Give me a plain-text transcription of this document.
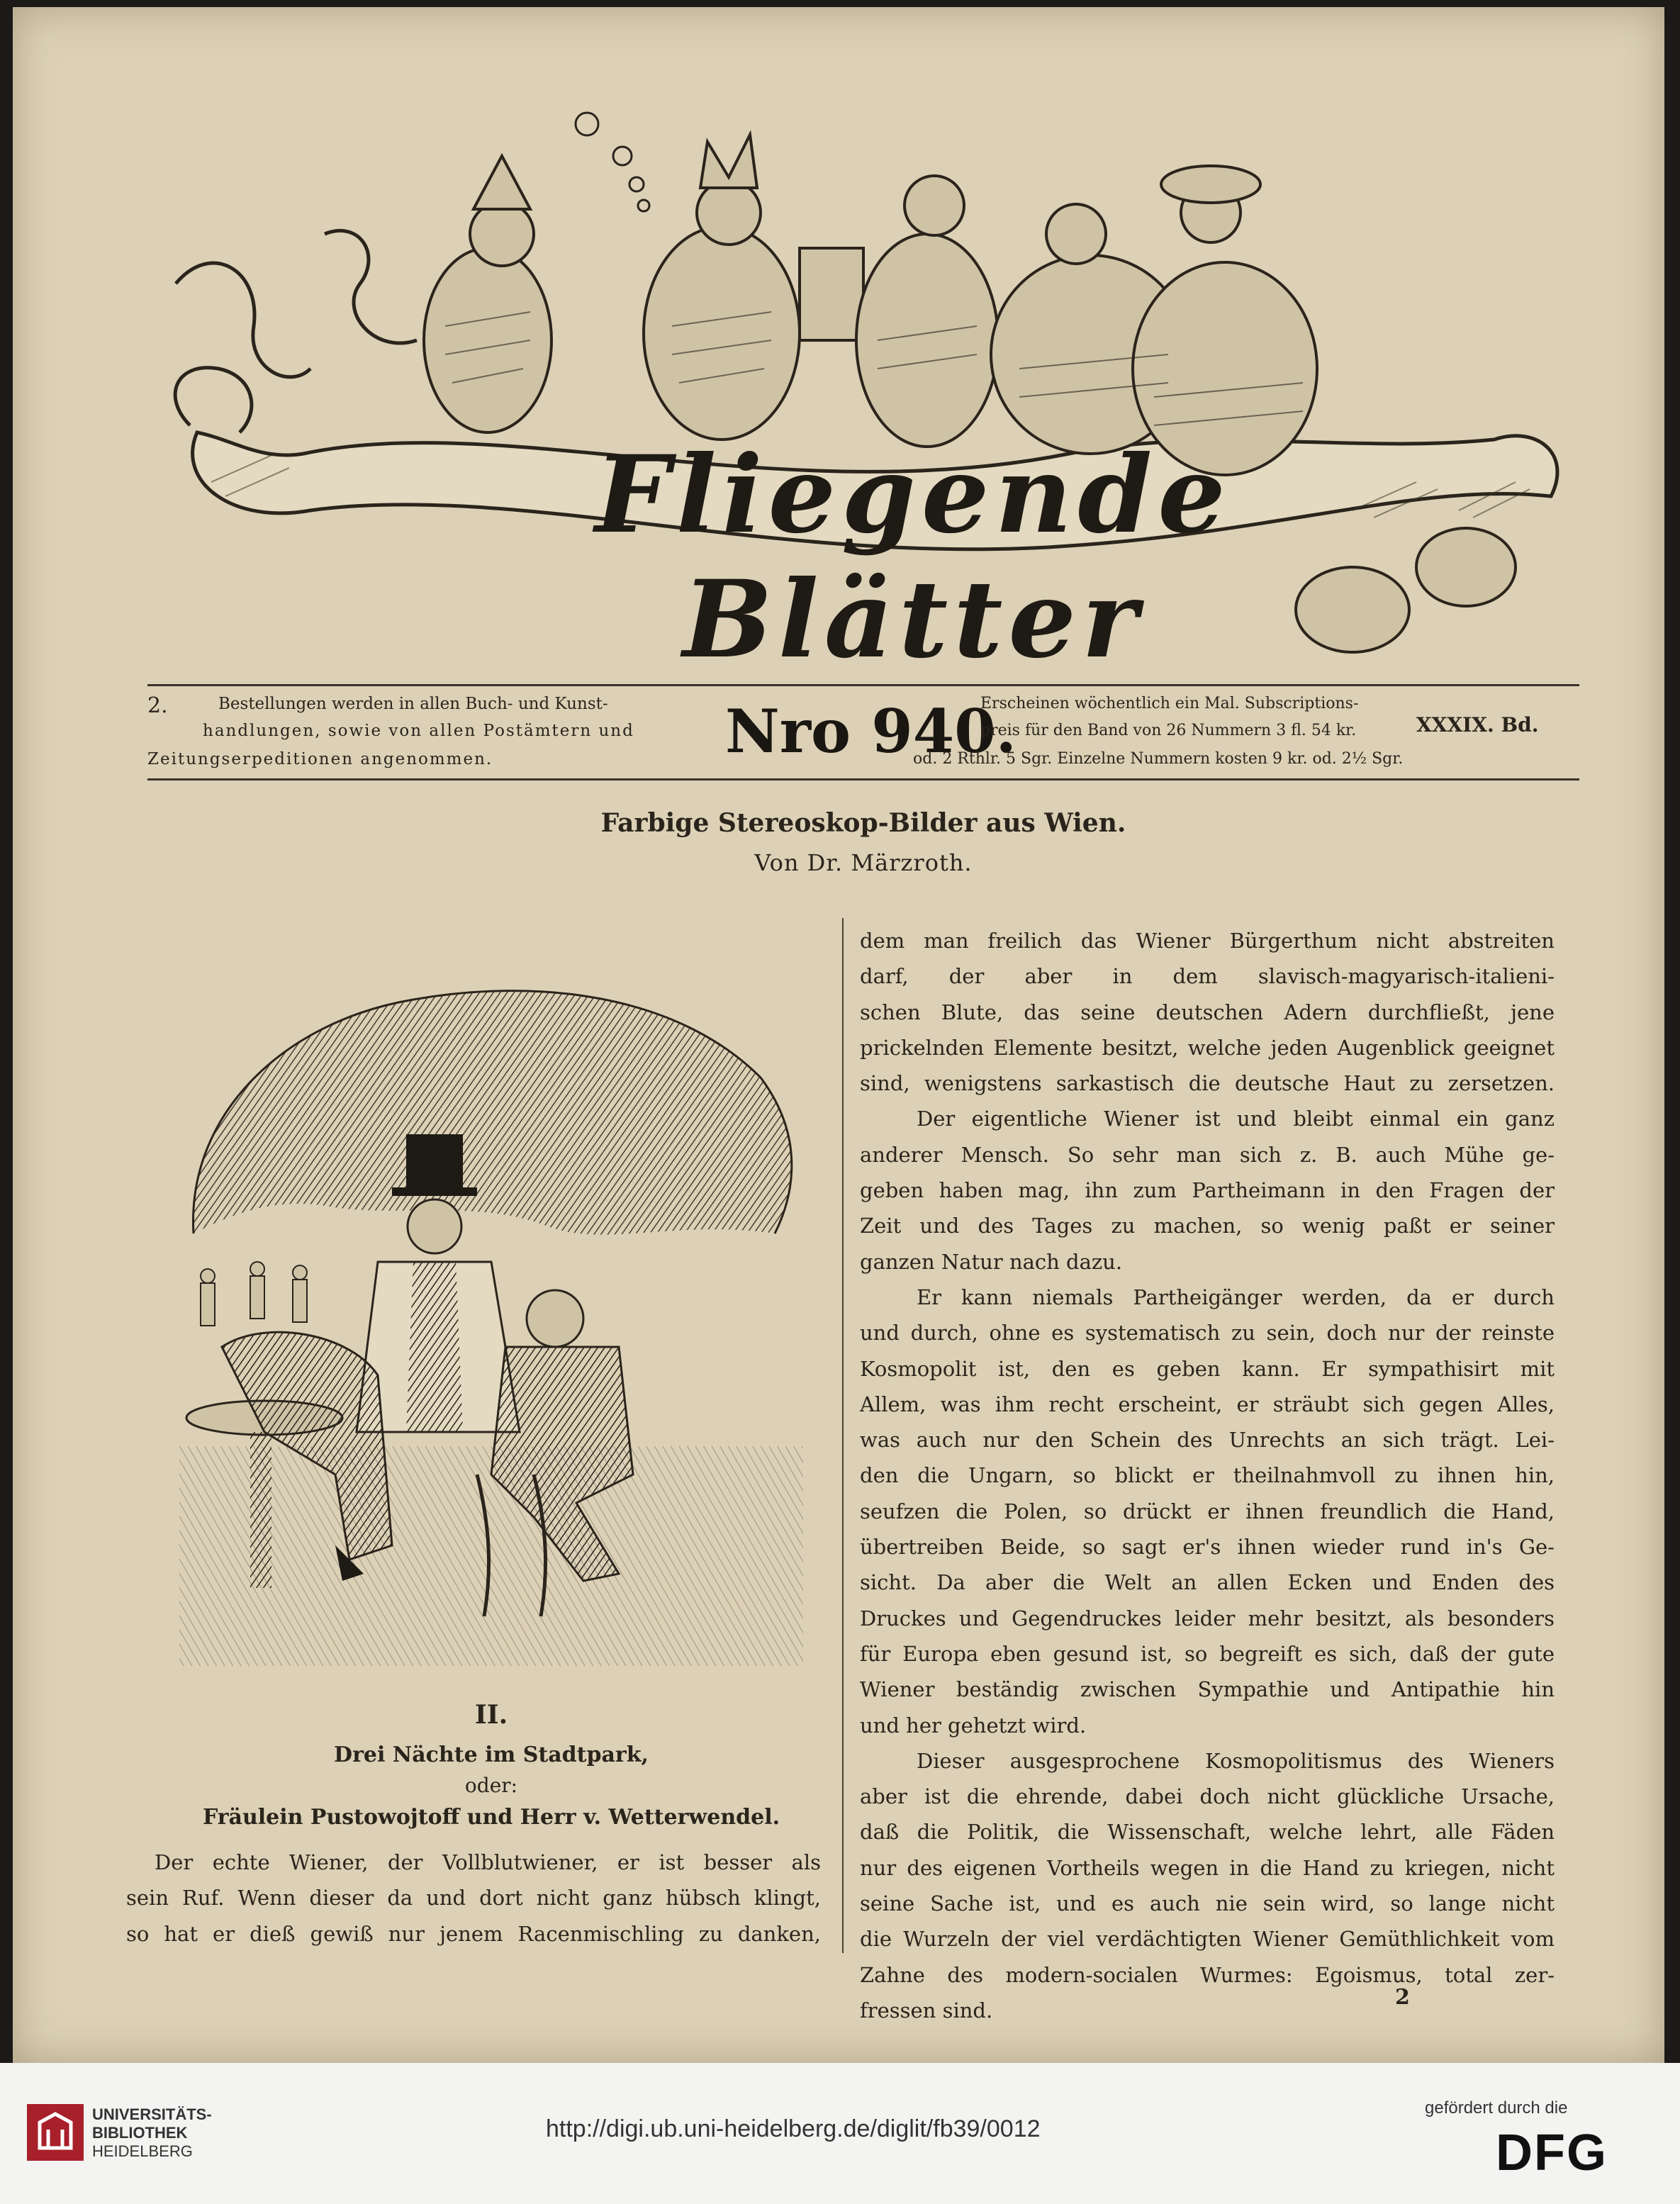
Fliegende Blätter
2.	Bestellungen werden in allen Buch- und Kunst-
handlungen, sowie von allen Postämtern und
Zeitungserpeditionen angenommen.	Nro 940.
Erscheinen wöchentlich ein Mal. Subscriptions-
preis für den Band von 26 Nummern 3 fl. 54 kr.
od. 2 Rthlr. 5 Sgr. Einzelne Nummern kosten 9 kr. od. 2½ Sgr.
XXXIX. Bd.
Farbige Stereoskop-Bilder aus Wien.
Von Dr. Märzroth.
II.
Drei Nächte im Stadtpark,
oder:
Fräulein Pustowojtoff und Herr v. Wetterwendel.
Der echte Wiener, der Vollblutwiener, er ist besser als
sein Ruf. Wenn dieser da und dort nicht ganz hübsch klingt,
so hat er dieß gewiß nur jenem Racenmischling zu danken,
dem man freilich das Wiener Bürgerthum nicht abstreiten
darf, der aber in dem slavisch-magyarisch-italieni-
schen Blute, das seine deutschen Adern durchfließt, jene
prickelnden Elemente besitzt, welche jeden Augenblick geeignet
sind, wenigstens sarkastisch die deutsche Haut zu zersetzen.
Der eigentliche Wiener ist und bleibt einmal ein ganz
anderer Mensch. So sehr man sich z. B. auch Mühe ge-
geben haben mag, ihn zum Partheimann in den Fragen der
Zeit und des Tages zu machen, so wenig paßt er seiner
ganzen Natur nach dazu.
Er kann niemals Partheigänger werden, da er durch
und durch, ohne es systematisch zu sein, doch nur der reinste
Kosmopolit ist, den es geben kann. Er sympathisirt mit
Allem, was ihm recht erscheint, er sträubt sich gegen Alles,
was auch nur den Schein des Unrechts an sich trägt. Lei-
den die Ungarn, so blickt er theilnahmvoll zu ihnen hin,
seufzen die Polen, so drückt er ihnen freundlich die Hand,
übertreiben Beide, so sagt er's ihnen wieder rund in's Ge-
sicht. Da aber die Welt an allen Ecken und Enden des
Druckes und Gegendruckes leider mehr besitzt, als besonders
für Europa eben gesund ist, so begreift es sich, daß der gute
Wiener beständig zwischen Sympathie und Antipathie hin
und her gehetzt wird.
Dieser ausgesprochene Kosmopolitismus des Wieners
aber ist die ehrende, dabei doch nicht glückliche Ursache,
daß die Politik, die Wissenschaft, welche lehrt, alle Fäden
nur des eigenen Vortheils wegen in die Hand zu kriegen, nicht
seine Sache ist, und es auch nie sein wird, so lange nicht
die Wurzeln der viel verdächtigten Wiener Gemüthlichkeit vom
Zahne des modern-socialen Wurmes: Egoismus, total zer-
fressen sind.
2
UNIVERSITÄTS-
BIBLIOTHEK
HEIDELBERG
http://digi.ub.uni-heidelberg.de/diglit/fb39/0012
gefördert durch die
DFG
